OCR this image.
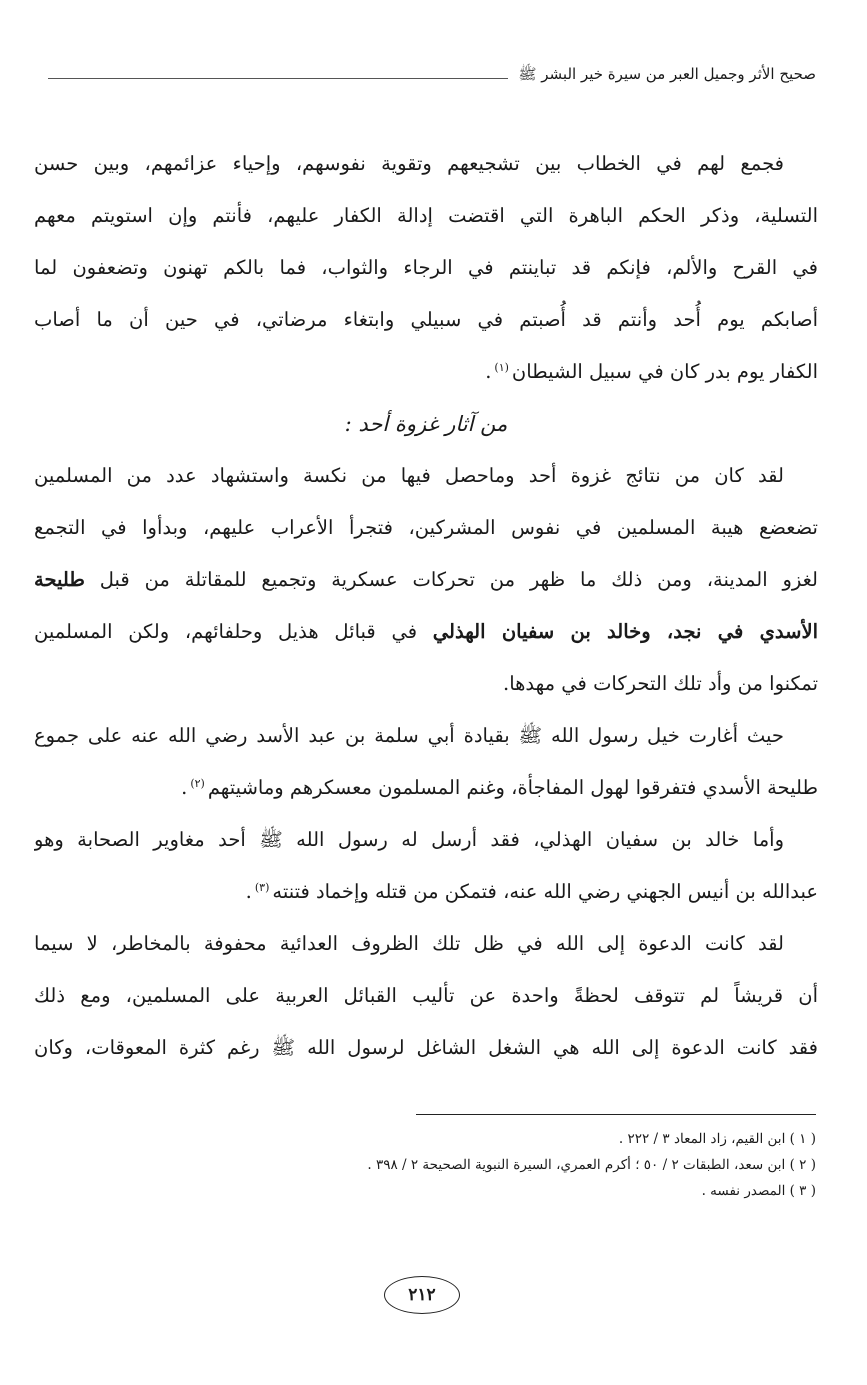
صحيح الأثر وجميل العبر من سيرة خير البشر ﷺ
فجمع لهم في الخطاب بين تشجيعهم وتقوية نفوسهم، وإحياء عزائمهم، وبين حسن
التسلية، وذكر الحكم الباهرة التي اقتضت إدالة الكفار عليهم، فأنتم وإن استويتم معهم
في القرح والألم، فإنكم قد تباينتم في الرجاء والثواب، فما بالكم تهنون وتضعفون لما
أصابكم يوم أُحد وأنتم قد أُصبتم في سبيلي وابتغاء مرضاتي، في حين أن ما أصاب
الكفار يوم بدر كان في سبيل الشيطان$^{(١)}$.
من آثار غزوة أحد :
لقد كان من نتائج غزوة أحد وماحصل فيها من نكسة واستشهاد عدد من المسلمين
تضعضع هيبة المسلمين في نفوس المشركين، فتجرأ الأعراب عليهم، وبدأوا في التجمع
لغزو المدينة، ومن ذلك ما ظهر من تحركات عسكرية وتجميع للمقاتلة من قبل طليحة
الأسدي في نجد، وخالد بن سفيان الهذلي في قبائل هذيل وحلفائهم، ولكن المسلمين
تمكنوا من وأد تلك التحركات في مهدها.
حيث أغارت خيل رسول الله ﷺ بقيادة أبي سلمة بن عبد الأسد رضي الله عنه على جموع
طليحة الأسدي فتفرقوا لهول المفاجأة، وغنم المسلمون معسكرهم وماشيتهم$^{(٢)}$.
وأما خالد بن سفيان الهذلي، فقد أرسل له رسول الله ﷺ أحد مغاوير الصحابة وهو
عبدالله بن أنيس الجهني رضي الله عنه، فتمكن من قتله وإخماد فتنته$^{(٣)}$.
لقد كانت الدعوة إلى الله في ظل تلك الظروف العدائية محفوفة بالمخاطر، لا سيما
أن قريشاً لم تتوقف لحظةً واحدة عن تأليب القبائل العربية على المسلمين، ومع ذلك
فقد كانت الدعوة إلى الله هي الشغل الشاغل لرسول الله ﷺ رغم كثرة المعوقات، وكان
( ١ ) ابن القيم، زاد المعاد ٣ / ٢٢٢ .
( ٢ ) ابن سعد، الطبقات ٢ / ٥٠ ؛ أكرم العمري، السيرة النبوية الصحيحة ٢ / ٣٩٨ .
( ٣ ) المصدر نفسه .
٢١٢
